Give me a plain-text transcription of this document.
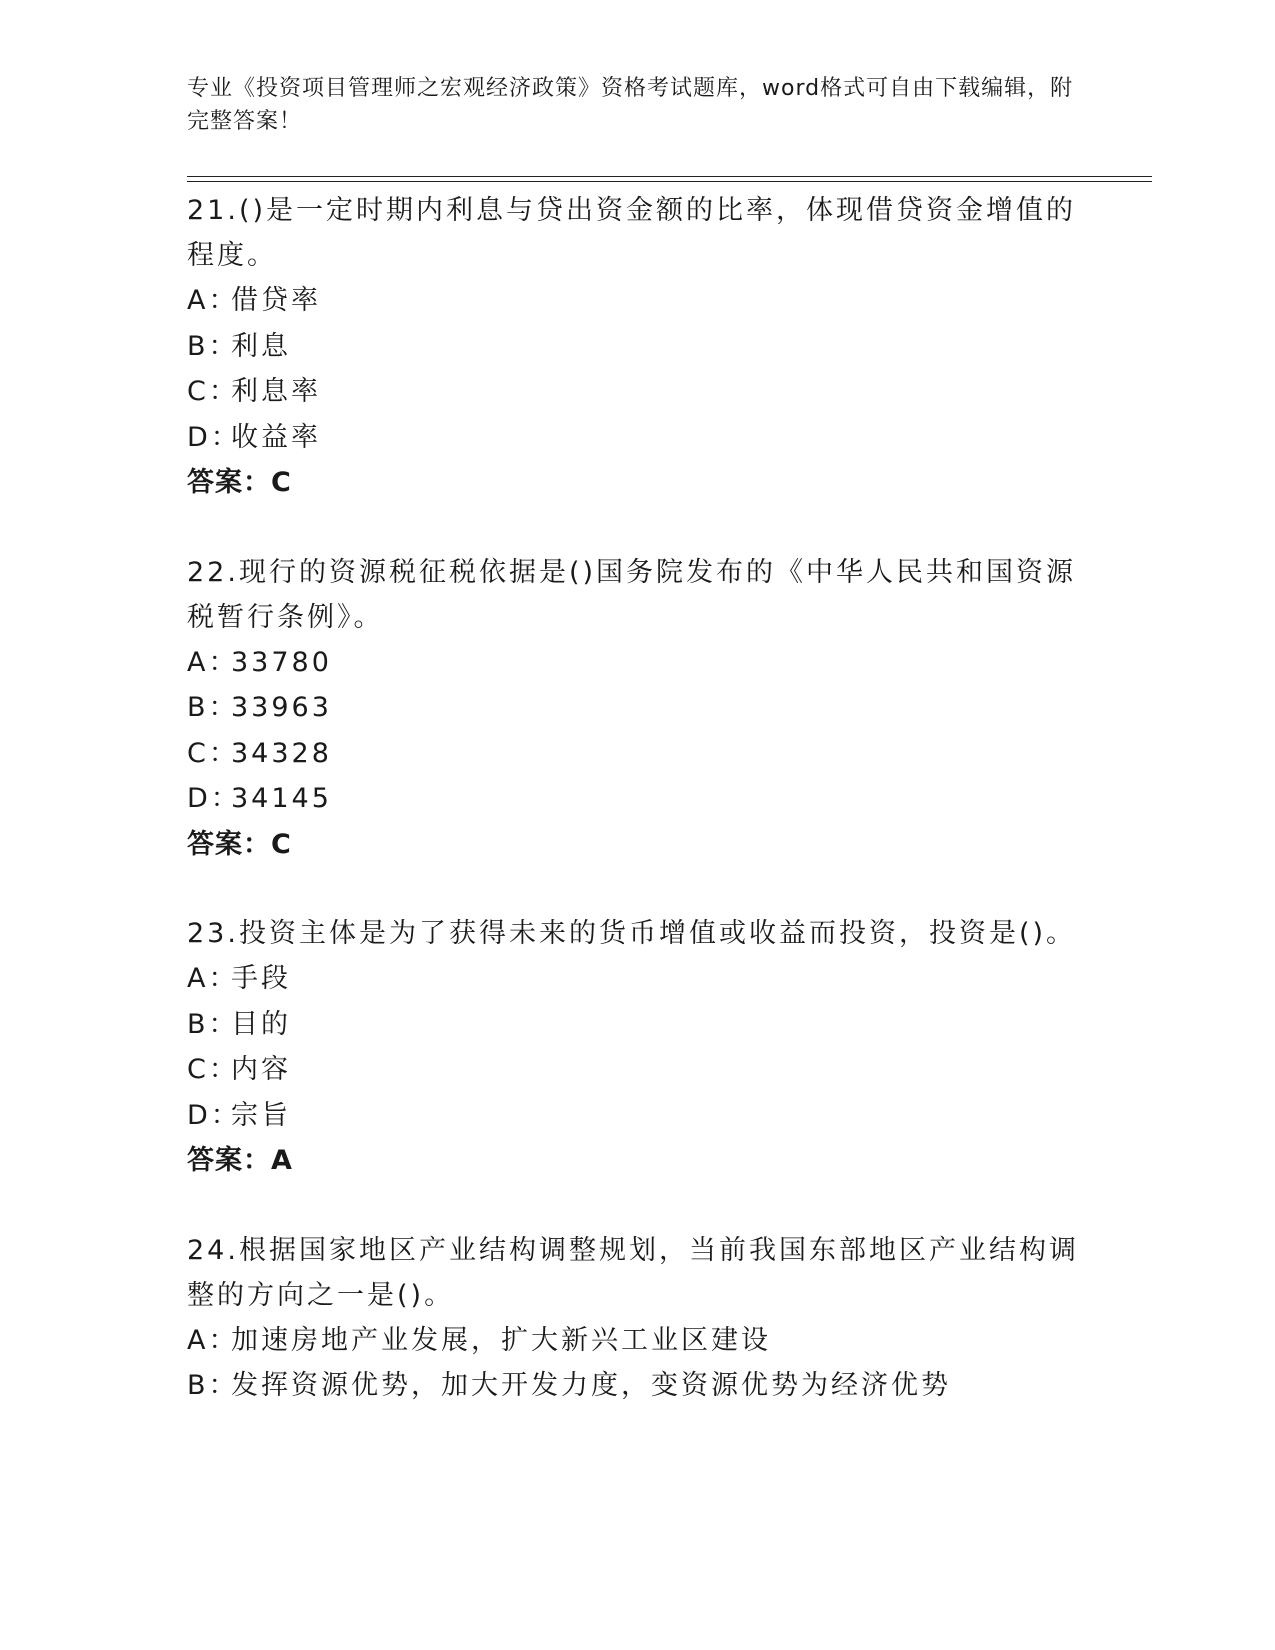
专业《投资项目管理师之宏观经济政策》资格考试题库，word格式可自由下载编辑，附完整答案！
21.()是一定时期内利息与贷出资金额的比率，体现借贷资金增值的程度。
A：
借贷率
B：
利息
C：
利息率
D：
收益率
答案：C
22.现行的资源税征税依据是()国务院发布的《中华人民共和国资源税暂行条例》。
A：
33780
B：
33963
C：
34328
D：
34145
答案：C
23.投资主体是为了获得未来的货币增值或收益而投资，投资是()。
A：
手段
B：
目的
C：
内容
D：
宗旨
答案：A
24.根据国家地区产业结构调整规划，当前我国东部地区产业结构调整的方向之一是()。
A：
加速房地产业发展，扩大新兴工业区建设
B：
发挥资源优势，加大开发力度，变资源优势为经济优势
